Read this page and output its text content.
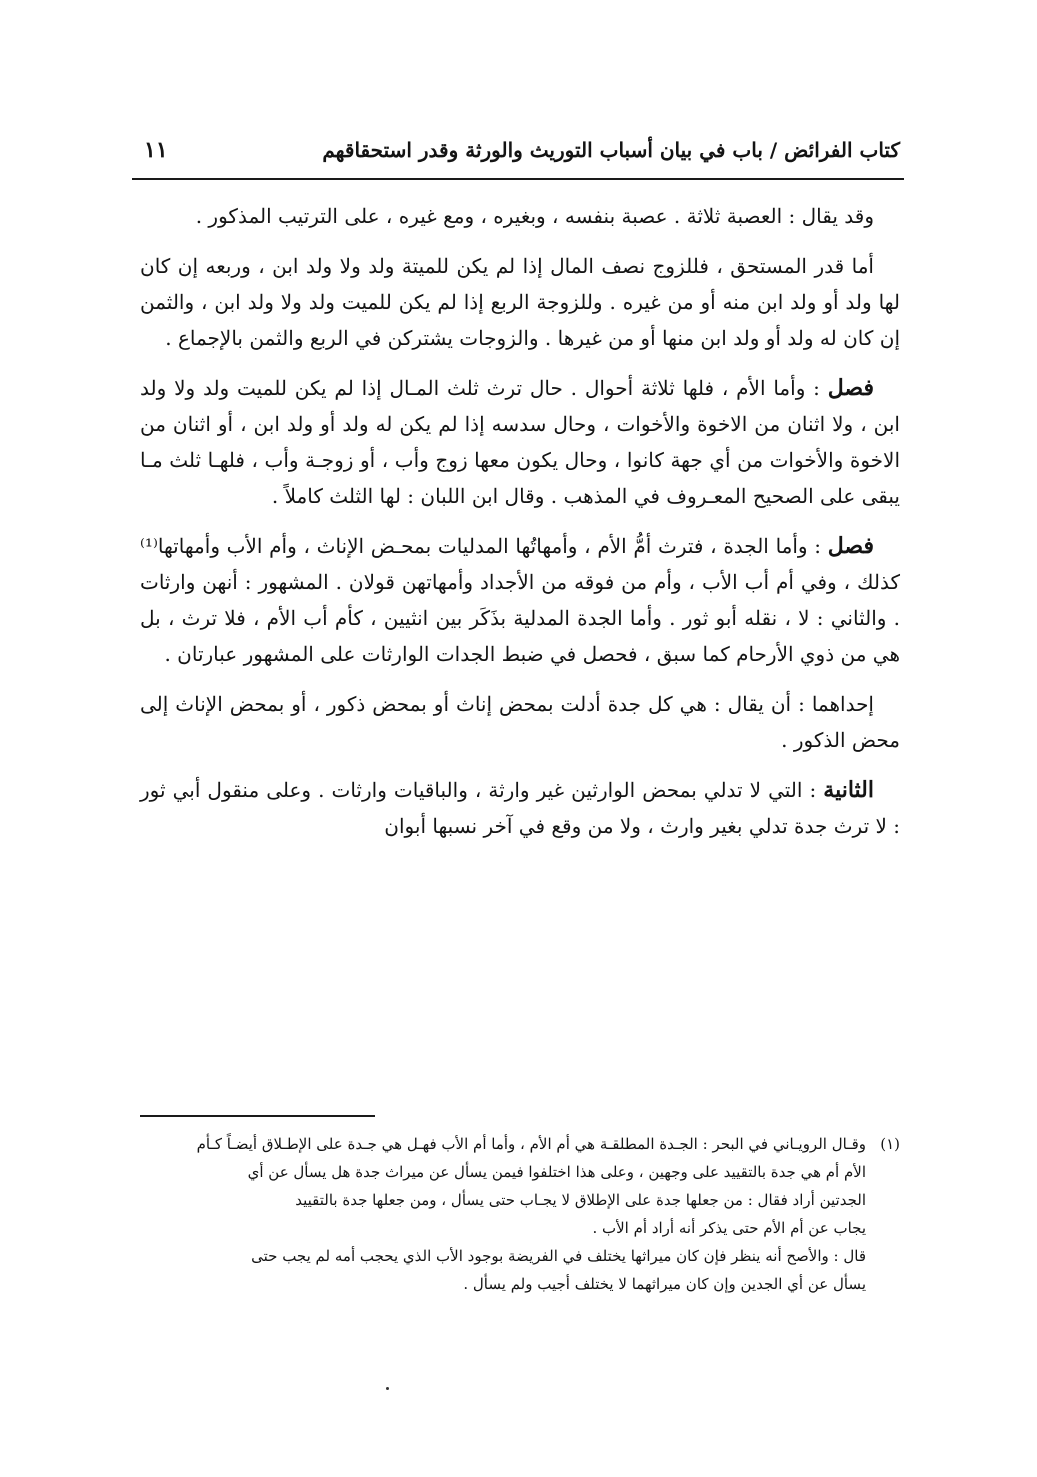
كتاب الفرائض / باب في بيان أسباب التوريث والورثة وقدر استحقاقهم
١١

وقد يقال : العصبة ثلاثة . عصبة بنفسه ، وبغيره ، ومع غيره ، على الترتيب المذكور .

أما قدر المستحق ، فللزوج نصف المال إذا لم يكن للميتة ولد ولا ولد ابن ، وربعه إن كان لها ولد أو ولد ابن منه أو من غيره . وللزوجة الربع إذا لم يكن للميت ولد ولا ولد ابن ، والثمن إن كان له ولد أو ولد ابن منها أو من غيرها . والزوجات يشتركن في الربع والثمن بالإجماع .

فصل : وأما الأم ، فلها ثلاثة أحوال . حال ترث ثلث المـال إذا لم يكن للميت ولد ولا ولد ابن ، ولا اثنان من الاخوة والأخوات ، وحال سدسه إذا لم يكن له ولد أو ولد ابن ، أو اثنان من الاخوة والأخوات من أي جهة كانوا ، وحال يكون معها زوج وأب ، أو زوجـة وأب ، فلهـا ثلث مـا يبقى على الصحيح المعـروف في المذهب . وقال ابن اللبان : لها الثلث كاملاً .

فصل : وأما الجدة ، فترث أمُّ الأم ، وأمهاتُها المدليات بمحـض الإناث ، وأم الأب وأمهاتها⁽¹⁾ كذلك ، وفي أم أب الأب ، وأم من فوقه من الأجداد وأمهاتهن قولان . المشهور : أنهن وارثات . والثاني : لا ، نقله أبو ثور . وأما الجدة المدلية بذَكَر بين انثيين ، كأم أب الأم ، فلا ترث ، بل هي من ذوي الأرحام كما سبق ، فحصل في ضبط الجدات الوارثات على المشهور عبارتان .

إحداهما : أن يقال : هي كل جدة أدلت بمحض إناث أو بمحض ذكور ، أو بمحض الإناث إلى محض الذكور .

الثانية : التي لا تدلي بمحض الوارثين غير وارثة ، والباقيات وارثات . وعلى منقول أبي ثور : لا ترث جدة تدلي بغير وارث ، ولا من وقع في آخر نسبها أبوان

(١)
وقـال الرويـاني في البحر : الجـدة المطلقـة هي أم الأم ، وأما أم الأب فهـل هي جـدة على الإطـلاق أيضـاً كـأم
الأم أم هي جدة بالتقييد على وجهين ، وعلى هذا اختلفوا فيمن يسأل عن ميراث جدة هل يسأل عن أي
الجدتين أراد فقال : من جعلها جدة على الإطلاق لا يجـاب حتى يسأل ، ومن جعلها جدة بالتقييد
يجاب عن أم الأم حتى يذكر أنه أراد أم الأب .
قال : والأصح أنه ينظر فإن كان ميراثها يختلف في الفريضة بوجود الأب الذي يحجب أمه لم يجب حتى
يسأل عن أي الجدين وإن كان ميراثهما لا يختلف أجيب ولم يسأل .
